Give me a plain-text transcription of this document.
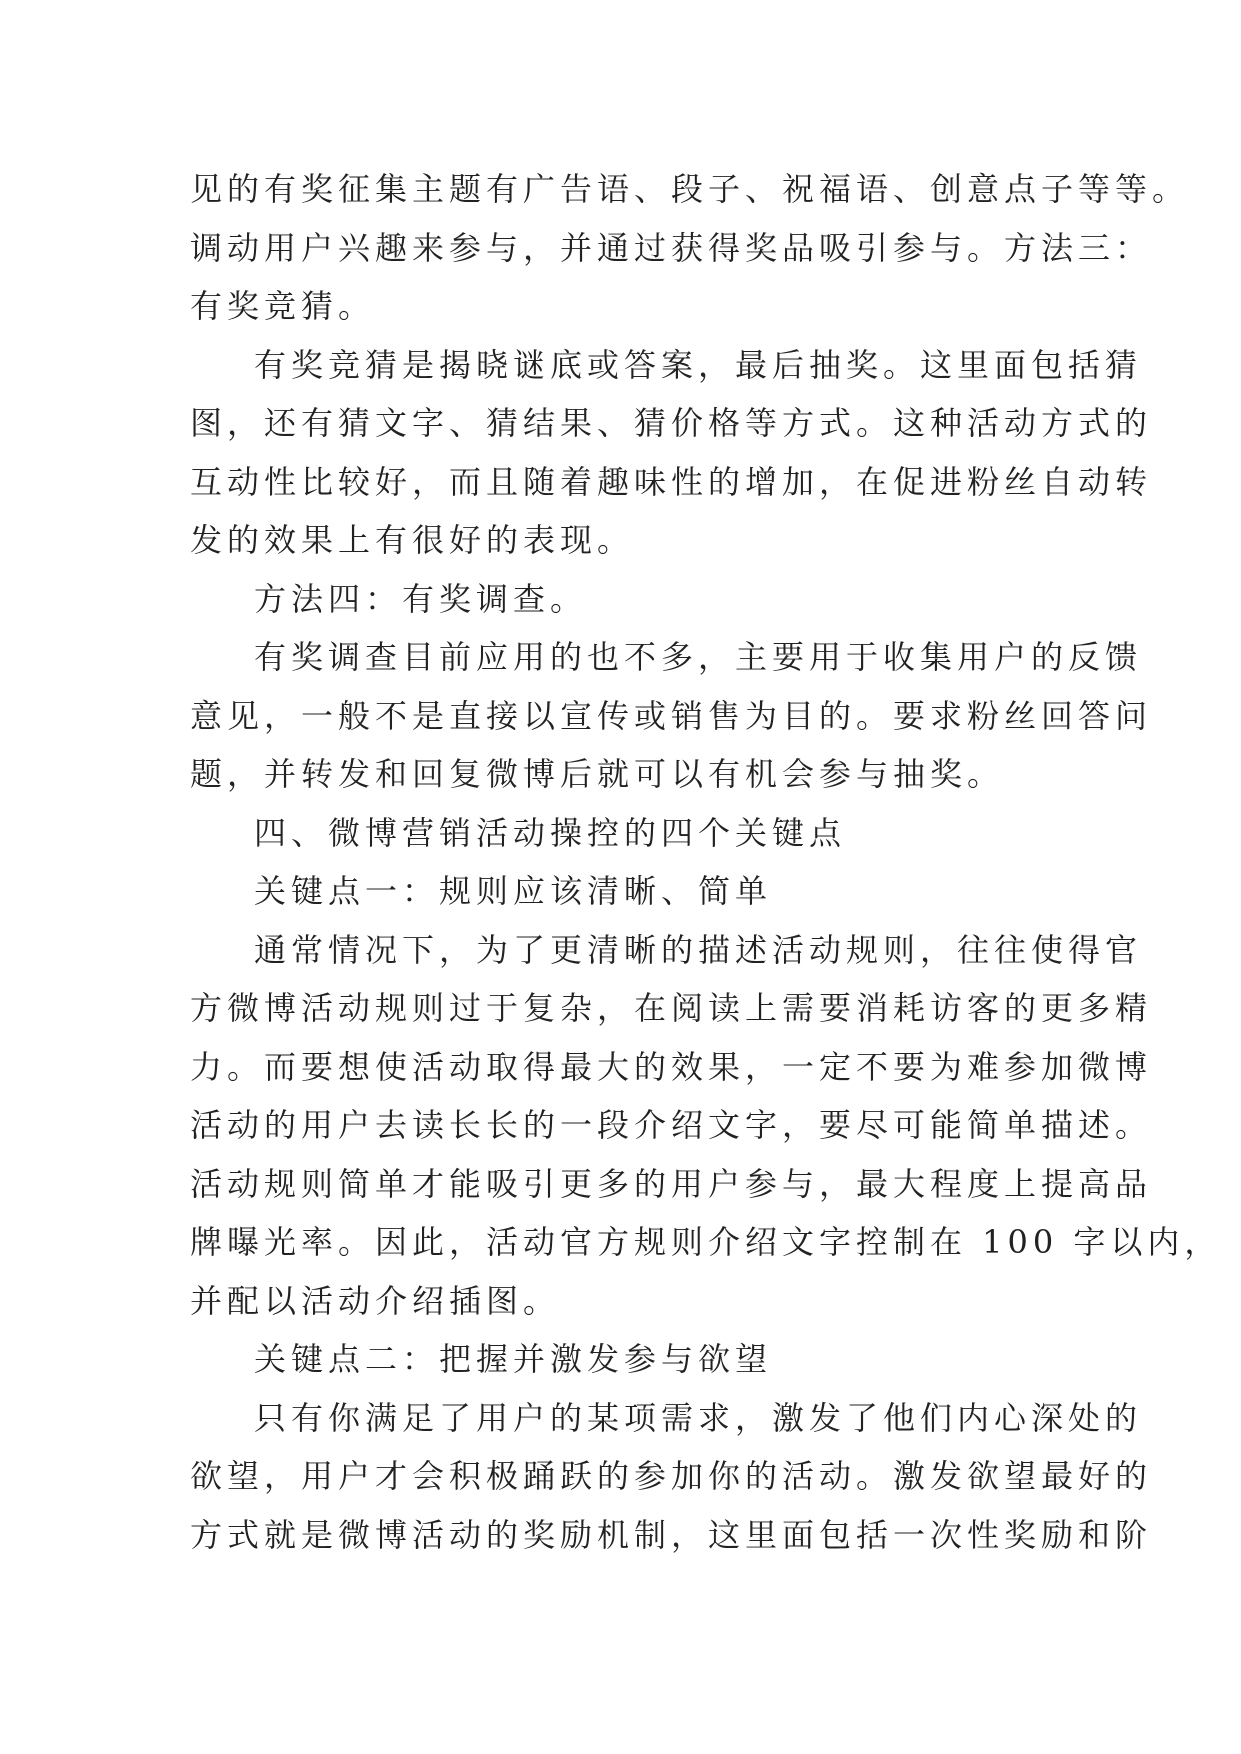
见的有奖征集主题有广告语、段子、祝福语、创意点子等等。
调动用户兴趣来参与，并通过获得奖品吸引参与。方法三：
有奖竞猜。
有奖竞猜是揭晓谜底或答案，最后抽奖。这里面包括猜
图，还有猜文字、猜结果、猜价格等方式。这种活动方式的
互动性比较好，而且随着趣味性的增加，在促进粉丝自动转
发的效果上有很好的表现。
方法四：有奖调查。
有奖调查目前应用的也不多，主要用于收集用户的反馈
意见，一般不是直接以宣传或销售为目的。要求粉丝回答问
题，并转发和回复微博后就可以有机会参与抽奖。
四、微博营销活动操控的四个关键点
关键点一：规则应该清晰、简单
通常情况下，为了更清晰的描述活动规则，往往使得官
方微博活动规则过于复杂，在阅读上需要消耗访客的更多精
力。而要想使活动取得最大的效果，一定不要为难参加微博
活动的用户去读长长的一段介绍文字，要尽可能简单描述。
活动规则简单才能吸引更多的用户参与，最大程度上提高品
牌曝光率。因此，活动官方规则介绍文字控制在 100 字以内，
并配以活动介绍插图。
关键点二：把握并激发参与欲望
只有你满足了用户的某项需求，激发了他们内心深处的
欲望，用户才会积极踊跃的参加你的活动。激发欲望最好的
方式就是微博活动的奖励机制，这里面包括一次性奖励和阶
